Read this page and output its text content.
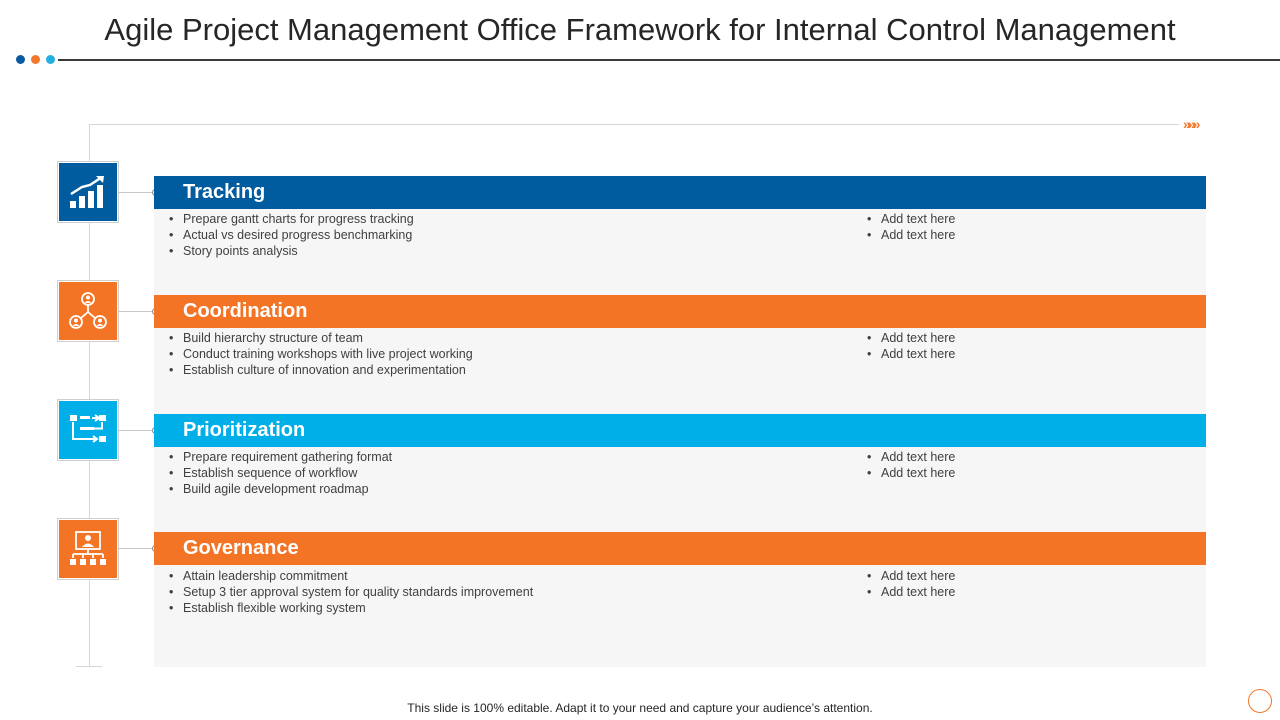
Agile Project Management Office Framework for Internal Control Management
»»»
Tracking
• Prepare gantt charts for progress tracking
• Actual vs desired progress benchmarking
• Story points analysis
• Add text here
• Add text here
Coordination
• Build hierarchy structure of team
• Conduct training workshops with live project working
• Establish culture of innovation and experimentation
• Add text here
• Add text here
Prioritization
• Prepare requirement gathering format
• Establish sequence of workflow
• Build agile development roadmap
• Add text here
• Add text here
Governance
• Attain leadership commitment
• Setup 3 tier approval system for quality standards improvement
• Establish flexible working system
• Add text here
• Add text here
This slide is 100% editable. Adapt it to your need and capture your audience’s attention.
